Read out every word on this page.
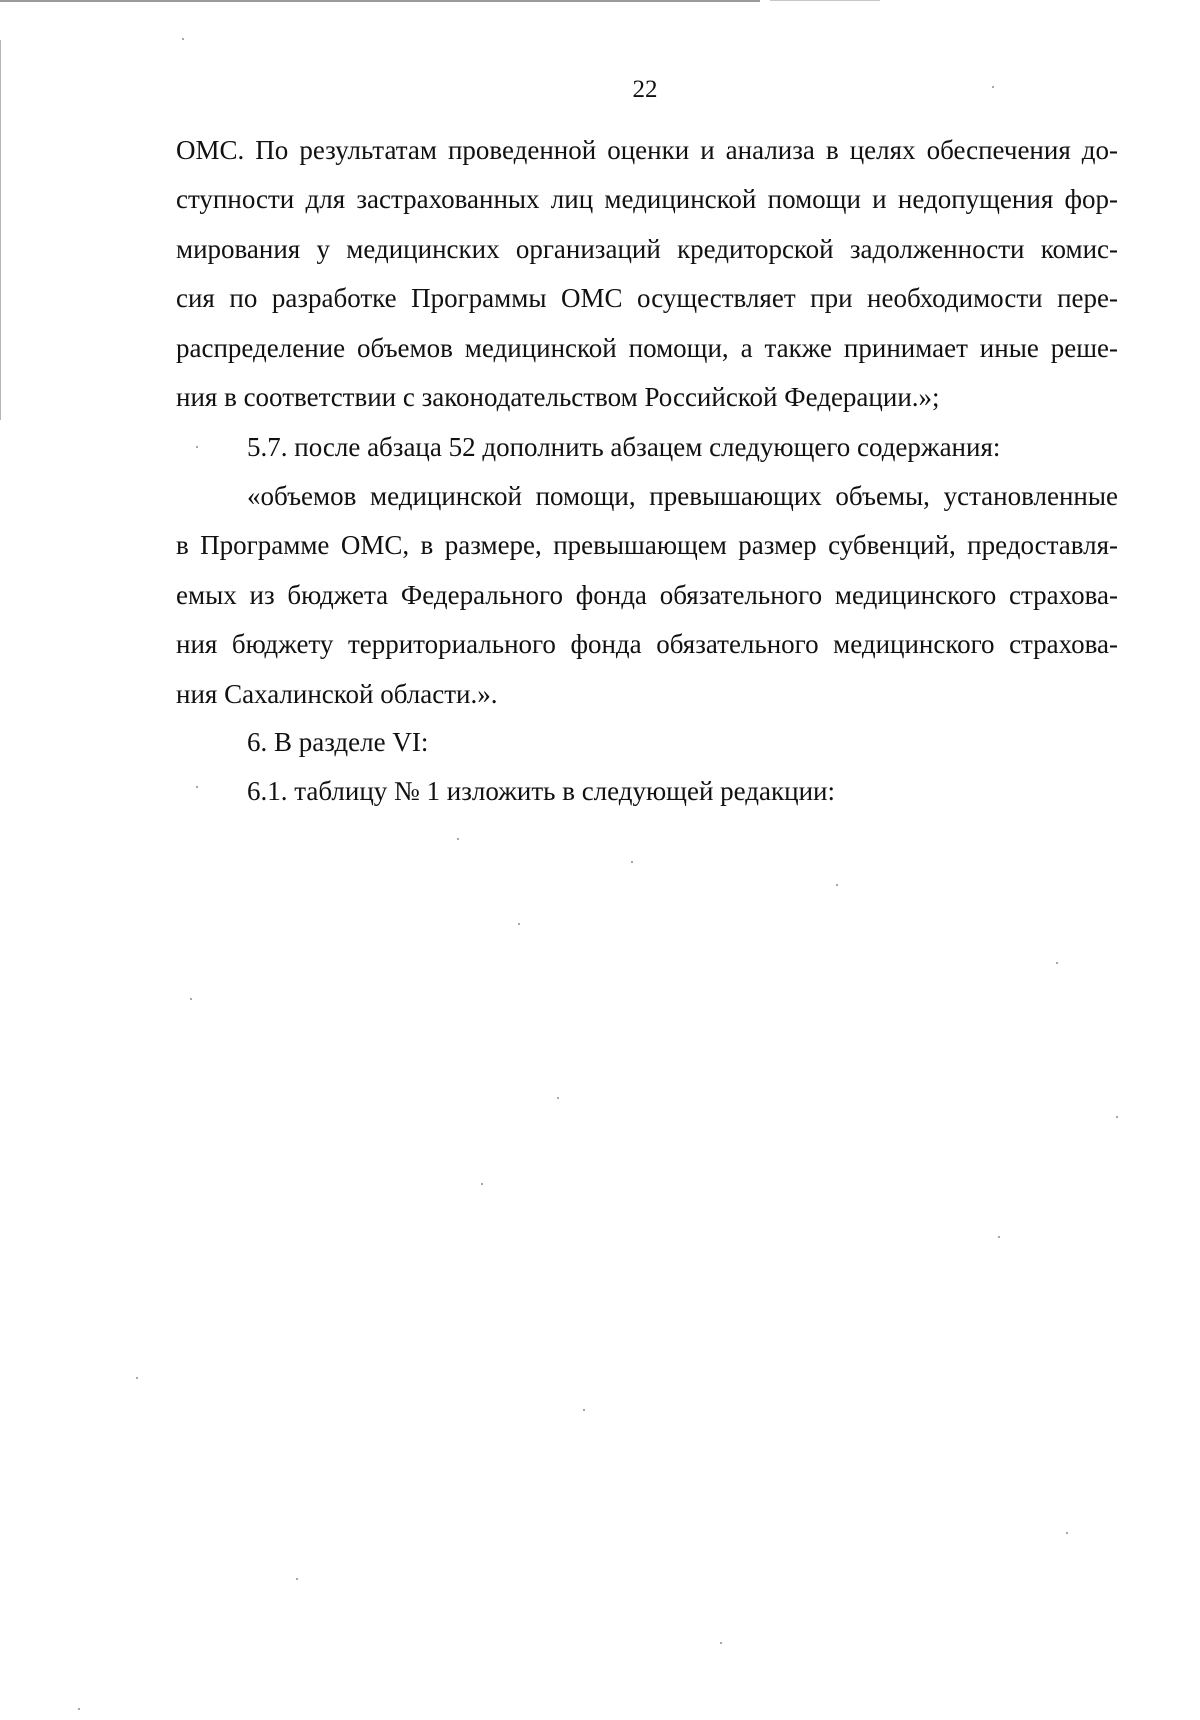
22
ОМС. По результатам проведенной оценки и анализа в целях обеспечения до-
ступности для застрахованных лиц медицинской помощи и недопущения фор-
мирования у медицинских организаций кредиторской задолженности комис-
сия по разработке Программы ОМС осуществляет при необходимости пере-
распределение объемов медицинской помощи, а также принимает иные реше-
ния в соответствии с законодательством Российской Федерации.»;
5.7. после абзаца 52 дополнить абзацем следующего содержания:
«объемов медицинской помощи, превышающих объемы, установленные
в Программе ОМС, в размере, превышающем размер субвенций, предоставля-
емых из бюджета Федерального фонда обязательного медицинского страхова-
ния бюджету территориального фонда обязательного медицинского страхова-
ния Сахалинской области.».
6. В разделе VI:
6.1. таблицу № 1 изложить в следующей редакции:
